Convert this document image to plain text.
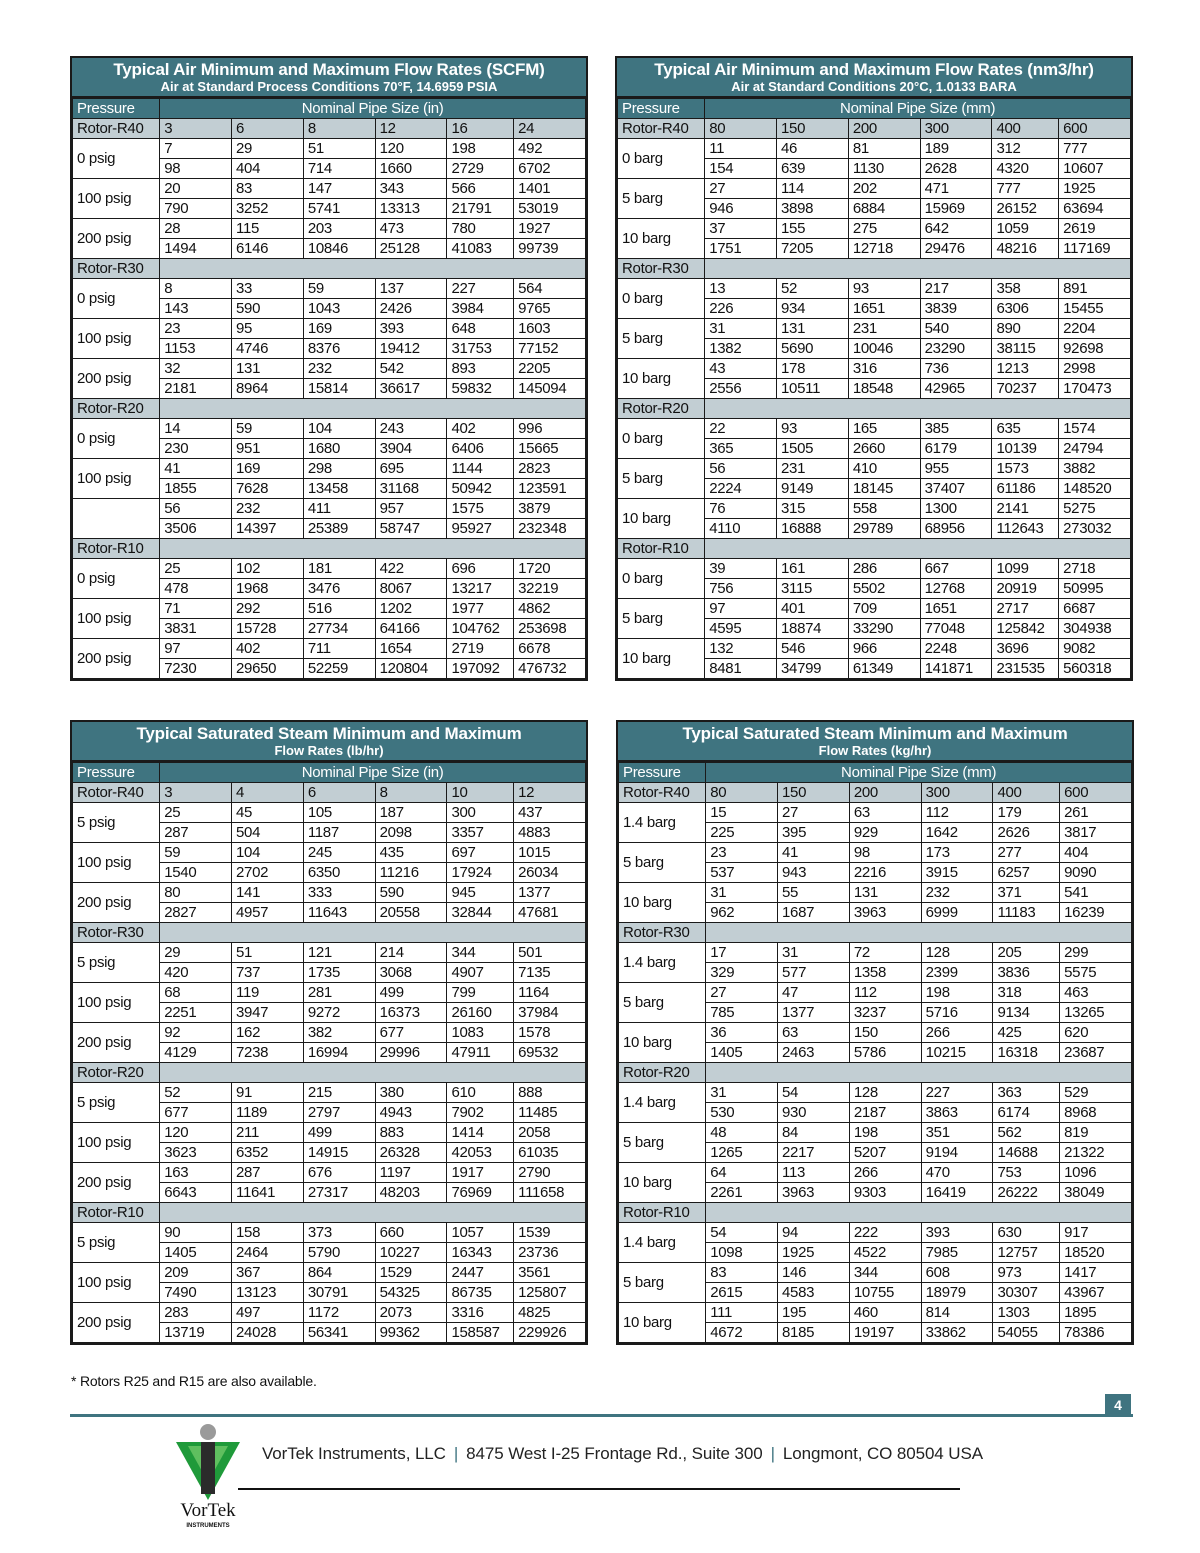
Typical Air Minimum and Maximum Flow Rates (SCFM)
Air at Standard Process Conditions 70°F, 14.6959 PSIA
Pressure	Nominal Pipe Size (in)					
Rotor-R40	3	6	8	12	16	24
0 psig	7	29	51	120	198	492
	98	404	714	1660	2729	6702
100 psig	20	83	147	343	566	1401
	790	3252	5741	13313	21791	53019
200 psig	28	115	203	473	780	1927
	1494	6146	10846	25128	41083	99739
Rotor-R30						
0 psig	8	33	59	137	227	564
	143	590	1043	2426	3984	9765
100 psig	23	95	169	393	648	1603
	1153	4746	8376	19412	31753	77152
200 psig	32	131	232	542	893	2205
	2181	8964	15814	36617	59832	145094
Rotor-R20						
0 psig	14	59	104	243	402	996
	230	951	1680	3904	6406	15665
100 psig	41	169	298	695	1144	2823
	1855	7628	13458	31168	50942	123591
	56	232	411	957	1575	3879
	3506	14397	25389	58747	95927	232348
Rotor-R10						
0 psig	25	102	181	422	696	1720
	478	1968	3476	8067	13217	32219
100 psig	71	292	516	1202	1977	4862
	3831	15728	27734	64166	104762	253698
200 psig	97	402	711	1654	2719	6678
	7230	29650	52259	120804	197092	476732
Typical Air Minimum and Maximum Flow Rates (nm3/hr)
Air at Standard Conditions 20°C, 1.0133 BARA
Pressure	Nominal Pipe Size (mm)					
Rotor-R40	80	150	200	300	400	600
0 barg	11	46	81	189	312	777
	154	639	1130	2628	4320	10607
5 barg	27	114	202	471	777	1925
	946	3898	6884	15969	26152	63694
10 barg	37	155	275	642	1059	2619
	1751	7205	12718	29476	48216	117169
Rotor-R30						
0 barg	13	52	93	217	358	891
	226	934	1651	3839	6306	15455
5 barg	31	131	231	540	890	2204
	1382	5690	10046	23290	38115	92698
10 barg	43	178	316	736	1213	2998
	2556	10511	18548	42965	70237	170473
Rotor-R20						
0 barg	22	93	165	385	635	1574
	365	1505	2660	6179	10139	24794
5 barg	56	231	410	955	1573	3882
	2224	9149	18145	37407	61186	148520
10 barg	76	315	558	1300	2141	5275
	4110	16888	29789	68956	112643	273032
Rotor-R10						
0 barg	39	161	286	667	1099	2718
	756	3115	5502	12768	20919	50995
5 barg	97	401	709	1651	2717	6687
	4595	18874	33290	77048	125842	304938
10 barg	132	546	966	2248	3696	9082
	8481	34799	61349	141871	231535	560318
Typical Saturated Steam Minimum and Maximum
Flow Rates (lb/hr)
Pressure	Nominal Pipe Size (in)					
Rotor-R40	3	4	6	8	10	12
5 psig	25	45	105	187	300	437
	287	504	1187	2098	3357	4883
100 psig	59	104	245	435	697	1015
	1540	2702	6350	11216	17924	26034
200 psig	80	141	333	590	945	1377
	2827	4957	11643	20558	32844	47681
Rotor-R30						
5 psig	29	51	121	214	344	501
	420	737	1735	3068	4907	7135
100 psig	68	119	281	499	799	1164
	2251	3947	9272	16373	26160	37984
200 psig	92	162	382	677	1083	1578
	4129	7238	16994	29996	47911	69532
Rotor-R20						
5 psig	52	91	215	380	610	888
	677	1189	2797	4943	7902	11485
100 psig	120	211	499	883	1414	2058
	3623	6352	14915	26328	42053	61035
200 psig	163	287	676	1197	1917	2790
	6643	11641	27317	48203	76969	111658
Rotor-R10						
5 psig	90	158	373	660	1057	1539
	1405	2464	5790	10227	16343	23736
100 psig	209	367	864	1529	2447	3561
	7490	13123	30791	54325	86735	125807
200 psig	283	497	1172	2073	3316	4825
	13719	24028	56341	99362	158587	229926
Typical Saturated Steam Minimum and Maximum
Flow Rates (kg/hr)
Pressure	Nominal Pipe Size (mm)					
Rotor-R40	80	150	200	300	400	600
1.4 barg	15	27	63	112	179	261
	225	395	929	1642	2626	3817
5 barg	23	41	98	173	277	404
	537	943	2216	3915	6257	9090
10 barg	31	55	131	232	371	541
	962	1687	3963	6999	11183	16239
Rotor-R30						
1.4 barg	17	31	72	128	205	299
	329	577	1358	2399	3836	5575
5 barg	27	47	112	198	318	463
	785	1377	3237	5716	9134	13265
10 barg	36	63	150	266	425	620
	1405	2463	5786	10215	16318	23687
Rotor-R20						
1.4 barg	31	54	128	227	363	529
	530	930	2187	3863	6174	8968
5 barg	48	84	198	351	562	819
	1265	2217	5207	9194	14688	21322
10 barg	64	113	266	470	753	1096
	2261	3963	9303	16419	26222	38049
Rotor-R10						
1.4 barg	54	94	222	393	630	917
	1098	1925	4522	7985	12757	18520
5 barg	83	146	344	608	973	1417
	2615	4583	10755	18979	30307	43967
10 barg	111	195	460	814	1303	1895
	4672	8185	19197	33862	54055	78386
* Rotors R25 and R15 are also available.
4
VorTek
INSTRUMENTS
VorTek Instruments, LLC | 8475 West I-25 Frontage Rd., Suite 300 | Longmont, CO 80504 USA
